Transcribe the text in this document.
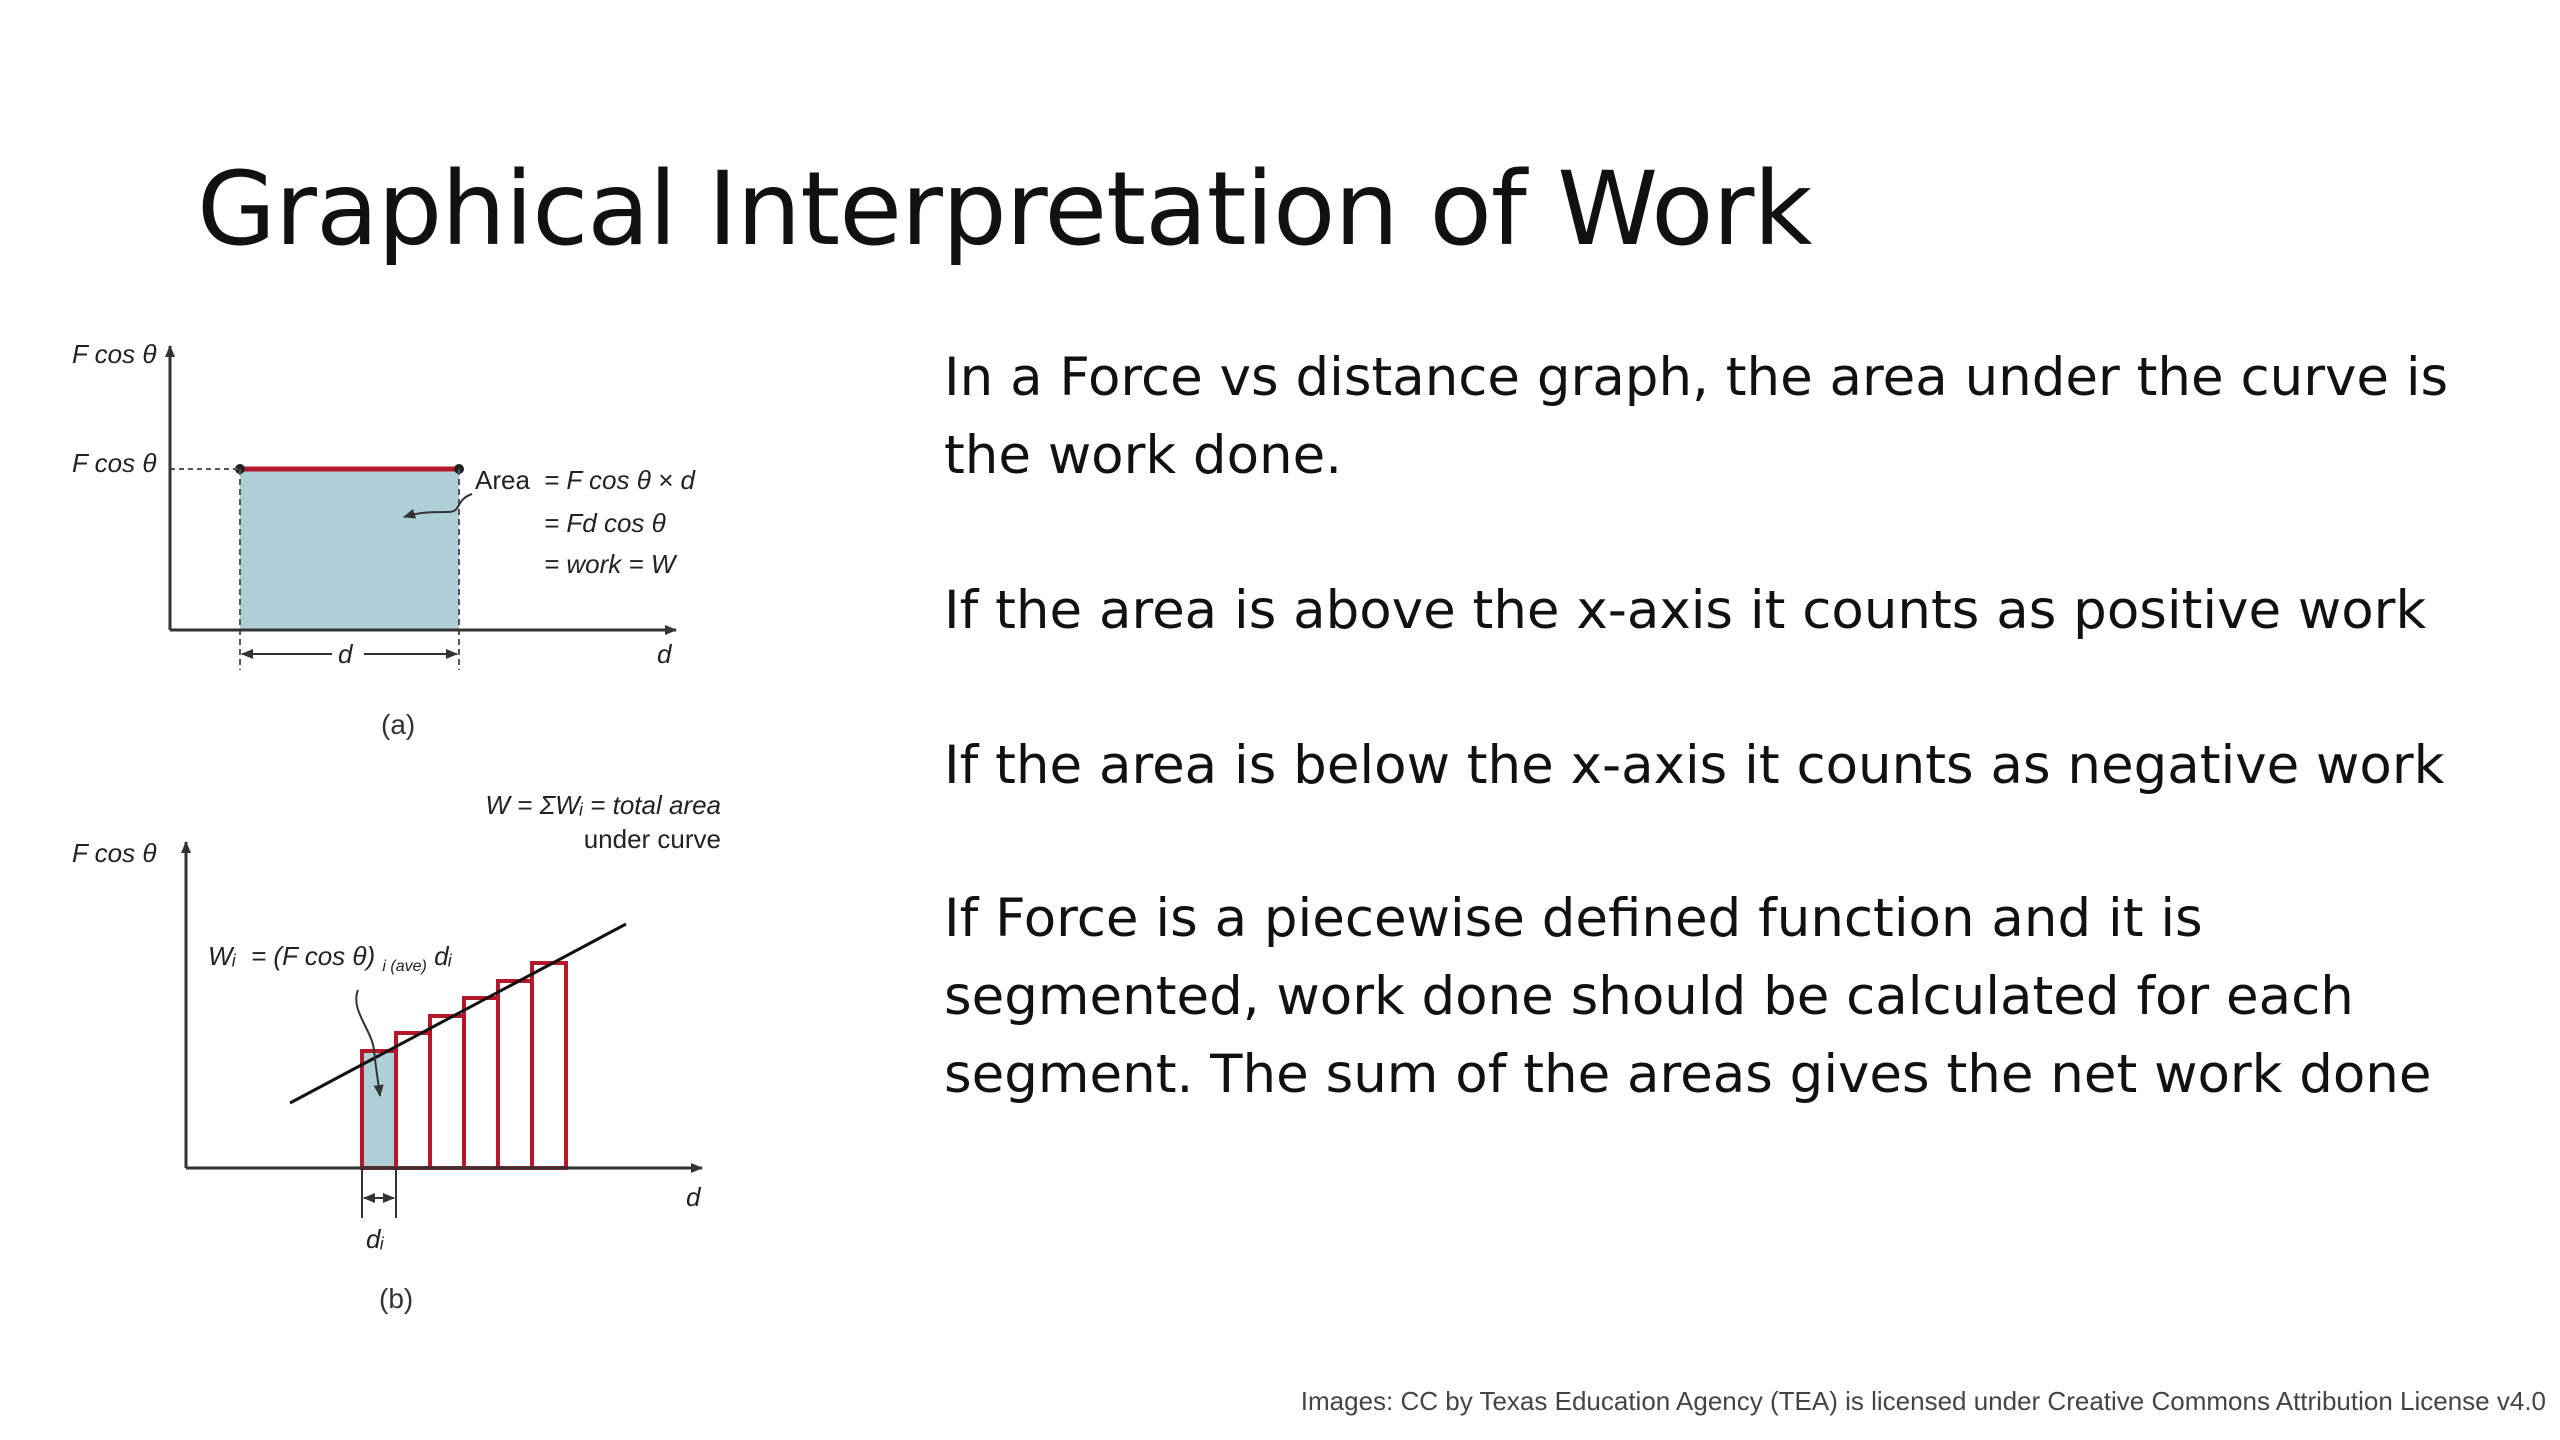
Graphical Interpretation of Work
In a Force vs distance graph, the area under the curve is
the work done.
If the area is above the x-axis it counts as positive work
If the area is below the x-axis it counts as negative work
If Force is a piecewise defined function and it is
segmented, work done should be calculated for each
segment. The sum of the areas gives the net work done
F cos θ
F cos θ
d	d
Area = F cos θ × d
= Fd cos θ
= work = W
(a)
F cos θ
d
W = ΣWᵢ = total area
under curve
Wᵢ = (F cos θ) $_{i (ave)}$ dᵢ
dᵢ
(b)
Images: CC by Texas Education Agency (TEA) is licensed under Creative Commons Attribution License v4.0
